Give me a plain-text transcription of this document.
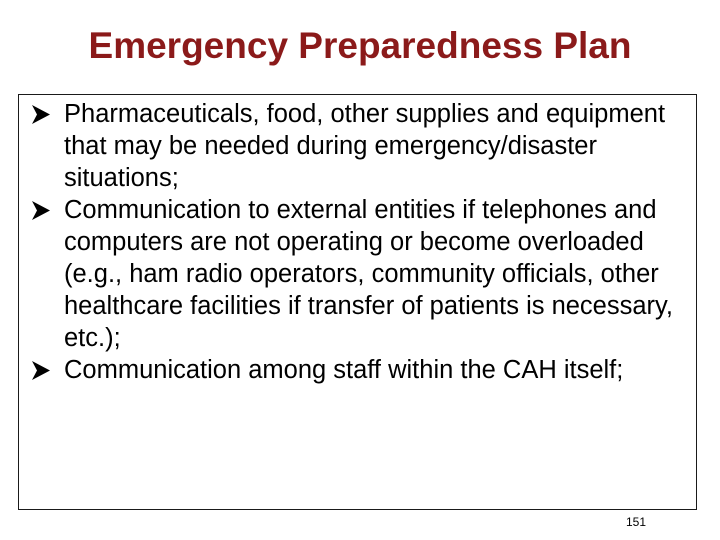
Emergency Preparedness Plan
Pharmaceuticals, food, other supplies and equipment that may be needed during emergency/disaster situations;
Communication to external entities if telephones and computers are not operating or become overloaded (e.g., ham radio operators, community officials, other healthcare facilities if transfer of patients is necessary, etc.);
Communication among staff within the CAH itself;
151
